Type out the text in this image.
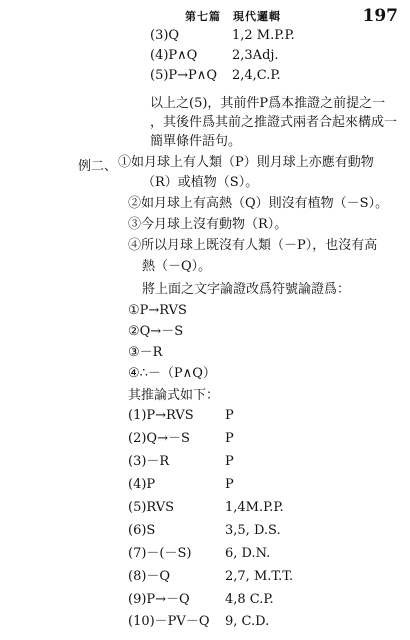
第七篇　現代邏輯	197
(3)Q	1,2 M.P.P.
(4)P∧Q	2,3Adj.
(5)P→P∧Q 2,4,C.P.
以上之(5)，其前件P爲本推證之前提之一
，其後件爲其前之推證式兩者合起來構成一
簡單條件語句。
例二、 ①如月球上有人類（P）則月球上亦應有動物
（R）或植物（S）。
②如月球上有高熱（Q）則沒有植物（－S）。
③今月球上沒有動物（R）。
④所以月球上既沒有人類（－P），也沒有高
熱（－Q）。
將上面之文字論證改爲符號論證爲：
①P→RVS
②Q→－S
③－R
④∴－（P∧Q）
其推論式如下：
(1)P→RVS P
(2)Q→－S	P
(3)－R	P
(4)P	P
(5)RVS	1,4M.P.P.
(6)S	3,5, D.S.
(7)－(－S)	6, D.N.
(8)－Q	2,7, M.T.T.
(9)P→－Q	4,8 C.P.
(10)－PV－Q 9, C.D.
